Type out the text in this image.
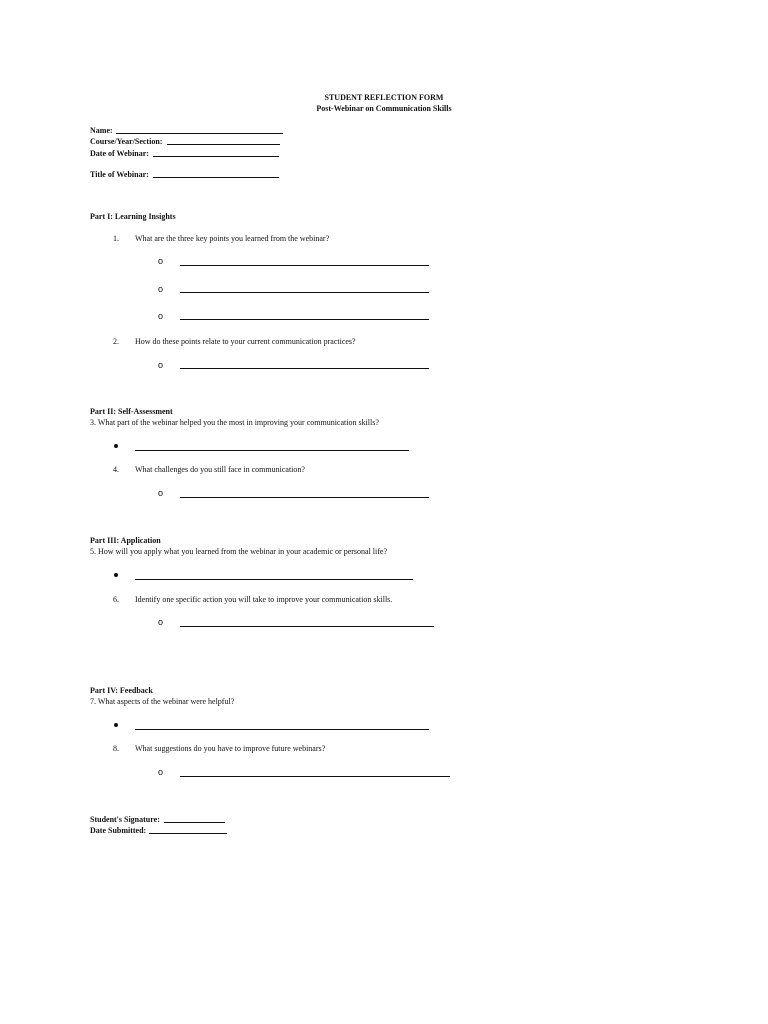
STUDENT REFLECTION FORM
Post-Webinar on Communication Skills
Name:
Course/Year/Section:
Date of Webinar:
Title of Webinar:
Part I: Learning Insights
1. What are the three key points you learned from the webinar?
o
o
o
2. How do these points relate to your current communication practices?
o
Part II: Self-Assessment
3. What part of the webinar helped you the most in improving your communication skills?
4. What challenges do you still face in communication?
o
Part III: Application
5. How will you apply what you learned from the webinar in your academic or personal life?
6. Identify one specific action you will take to improve your communication skills.
o
Part IV: Feedback
7. What aspects of the webinar were helpful?
8. What suggestions do you have to improve future webinars?
o
Student's Signature:
Date Submitted:
